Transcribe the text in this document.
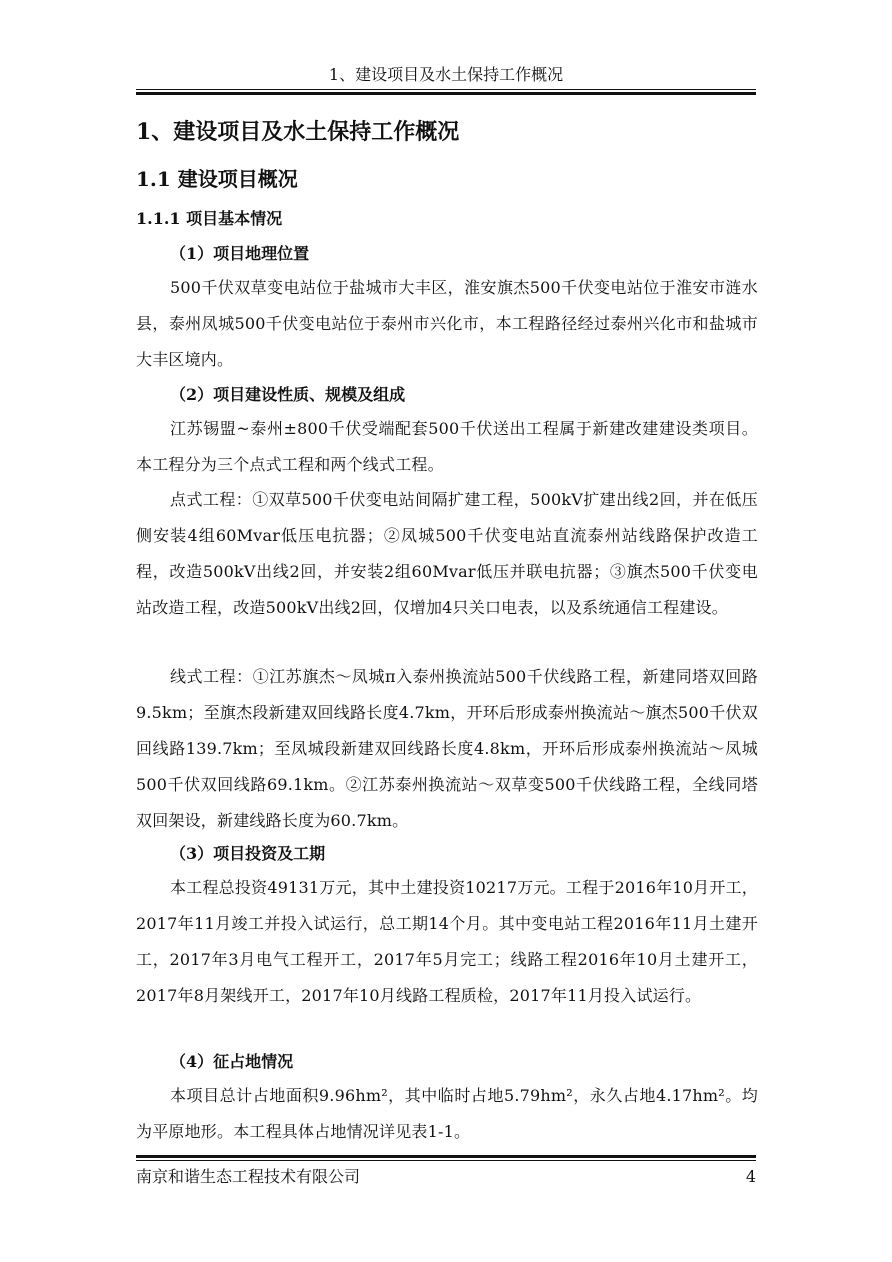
1、建设项目及水土保持工作概况
1、建设项目及水土保持工作概况
1.1 建设项目概况
1.1.1 项目基本情况
（1）项目地理位置
500千伏双草变电站位于盐城市大丰区，淮安旗杰500千伏变电站位于淮安市涟水县，泰州凤城500千伏变电站位于泰州市兴化市，本工程路径经过泰州兴化市和盐城市大丰区境内。
（2）项目建设性质、规模及组成
江苏锡盟~泰州±800千伏受端配套500千伏送出工程属于新建改建建设类项目。本工程分为三个点式工程和两个线式工程。
点式工程：①双草500千伏变电站间隔扩建工程，500kV扩建出线2回，并在低压侧安装4组60Mvar低压电抗器；②凤城500千伏变电站直流泰州站线路保护改造工程，改造500kV出线2回，并安装2组60Mvar低压并联电抗器；③旗杰500千伏变电站改造工程，改造500kV出线2回，仅增加4只关口电表，以及系统通信工程建设。
线式工程：①江苏旗杰～凤城π入泰州换流站500千伏线路工程，新建同塔双回路9.5km；至旗杰段新建双回线路长度4.7km，开环后形成泰州换流站～旗杰500千伏双回线路139.7km；至凤城段新建双回线路长度4.8km，开环后形成泰州换流站～凤城500千伏双回线路69.1km。②江苏泰州换流站～双草变500千伏线路工程，全线同塔双回架设，新建线路长度为60.7km。
（3）项目投资及工期
本工程总投资49131万元，其中土建投资10217万元。工程于2016年10月开工，2017年11月竣工并投入试运行，总工期14个月。其中变电站工程2016年11月土建开工，2017年3月电气工程开工，2017年5月完工；线路工程2016年10月土建开工，2017年8月架线开工，2017年10月线路工程质检，2017年11月投入试运行。
（4）征占地情况
本项目总计占地面积9.96hm²，其中临时占地5.79hm²，永久占地4.17hm²。均为平原地形。本工程具体占地情况详见表1-1。
南京和谐生态工程技术有限公司	4
